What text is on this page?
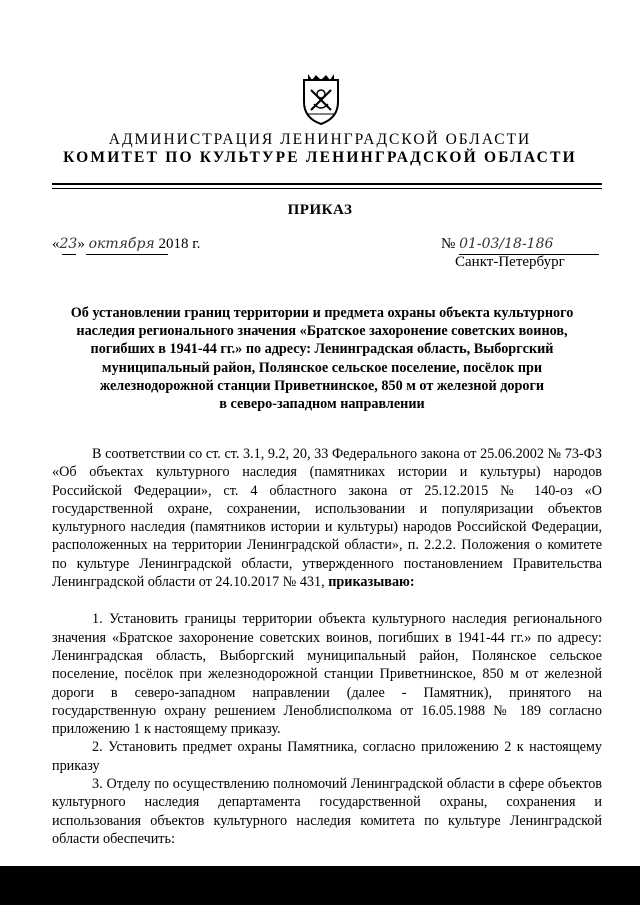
АДМИНИСТРАЦИЯ ЛЕНИНГРАДСКОЙ ОБЛАСТИ
КОМИТЕТ ПО КУЛЬТУРЕ ЛЕНИНГРАДСКОЙ ОБЛАСТИ
ПРИКАЗ
«23» октября 2018 г.	№ 01-03/18-186
Санкт-Петербург
Об установлении границ территории и предмета охраны объекта культурного
наследия регионального значения «Братское захоронение советских воинов,
погибших в 1941-44 гг.» по адресу: Ленинградская область, Выборгский
муниципальный район, Полянское сельское поселение, посёлок при
железнодорожной станции Приветнинское, 850 м от железной дороги
в северо-западном направлении

В соответствии со ст. ст. 3.1, 9.2, 20, 33 Федерального закона от 25.06.2002 № 73-ФЗ «Об объектах культурного наследия (памятниках истории и культуры) народов Российской Федерации», ст. 4 областного закона от 25.12.2015 № 140-оз «О государственной охране, сохранении, использовании и популяризации объектов культурного наследия (памятников истории и культуры) народов Российской Федерации, расположенных на территории Ленинградской области», п. 2.2.2. Положения о комитете по культуре Ленинградской области, утвержденного постановлением Правительства Ленинградской области от 24.10.2017 № 431, приказываю:

1. Установить границы территории объекта культурного наследия регионального значения «Братское захоронение советских воинов, погибших в 1941-44 гг.» по адресу: Ленинградская область, Выборгский муниципальный район, Полянское сельское поселение, посёлок при железнодорожной станции Приветнинское, 850 м от железной дороги в северо-западном направлении (далее - Памятник), принятого на государственную охрану решением Леноблисполкома от 16.05.1988 № 189 согласно приложению 1 к настоящему приказу.

2. Установить предмет охраны Памятника, согласно приложению 2 к настоящему приказу

3. Отделу по осуществлению полномочий Ленинградской области в сфере объектов культурного наследия департамента государственной охраны, сохранения и использования объектов культурного наследия комитета по культуре Ленинградской области обеспечить:
